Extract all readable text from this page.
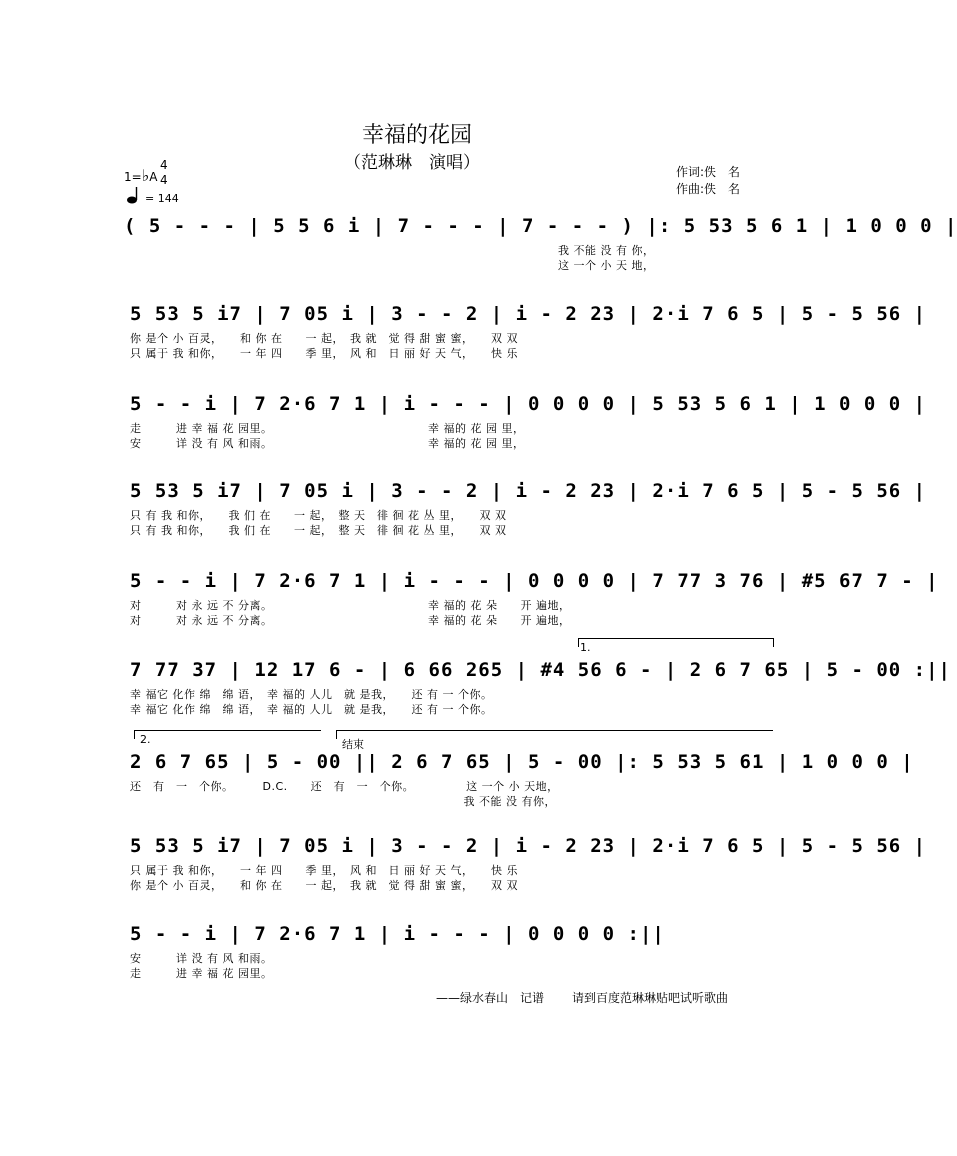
幸福的花园
（范琳琳　演唱）
1=♭A
4
4
= 144
作词:佚　名
作曲:佚　名
( 5 - - - | 5 5 6 i | 7 - - - | 7 - - - ) |: 5 53 5 6 1 | 1 0 0 0 |
我 不能 没 有 你，
这 一个 小 天 地，
5 53 5 i7 | 7 05 i | 3 - - 2 | i - 2 23 | 2·i 7 6 5 | 5 - 5 56 |
你 是个 小 百灵，　　和 你 在　　一 起，　我 就　觉 得 甜 蜜 蜜，　　双 双
只 属于 我 和你，　　一 年 四　　季 里，　风 和　日 丽 好 天 气，　　快 乐
5 - - i | 7 2·6 7 1 | i - - - | 0 0 0 0 | 5 53 5 6 1 | 1 0 0 0 |
走　　　进 幸 福 花 园里。　　　　　　　　　　　　　　幸 福的 花 园 里，
安　　　详 没 有 风 和雨。　　　　　　　　　　　　　　幸 福的 花 园 里，
5 53 5 i7 | 7 05 i | 3 - - 2 | i - 2 23 | 2·i 7 6 5 | 5 - 5 56 |
只 有 我 和你，　　我 们 在　　一 起，　整 天　徘 徊 花 丛 里，　　双 双
只 有 我 和你，　　我 们 在　　一 起，　整 天　徘 徊 花 丛 里，　　双 双
5 - - i | 7 2·6 7 1 | i - - - | 0 0 0 0 | 7 77 3 76 | #5 67 7 - |
对　　　对 永 远 不 分离。　　　　　　　　　　　　　　幸 福的 花 朵　　开 遍地，
对　　　对 永 远 不 分离。　　　　　　　　　　　　　　幸 福的 花 朵　　开 遍地，
1.
7 77 37 | 12 17 6 - | 6 66 265 | #4 56 6 - | 2 6 7 65 | 5 - 00 :||
幸 福它 化作 绵　绵 语，　幸 福的 人儿　就 是我，　　还 有 一 个你。
幸 福它 化作 绵　绵 语，　幸 福的 人儿　就 是我，　　还 有 一 个你。
2.	结束
2 6 7 65 | 5 - 00 || 2 6 7 65 | 5 - 00 |: 5 53 5 61 | 1 0 0 0 |
还　有　一　个你。　　　D.C.　　还　有　一　个你。　　　　　这 一个 小 天地，
　　　　　　　　　　　　　　　　　　　　　　　　　　　　　我 不能 没 有你，
5 53 5 i7 | 7 05 i | 3 - - 2 | i - 2 23 | 2·i 7 6 5 | 5 - 5 56 |
只 属于 我 和你，　　一 年 四　　季 里，　风 和　日 丽 好 天 气，　　快 乐
你 是个 小 百灵，　　和 你 在　　一 起，　我 就　觉 得 甜 蜜 蜜，　　双 双
5 - - i | 7 2·6 7 1 | i - - - | 0 0 0 0 :||
安　　　详 没 有 风 和雨。
走　　　进 幸 福 花 园里。
——绿水春山　记谱 请到百度范琳琳贴吧试听歌曲
